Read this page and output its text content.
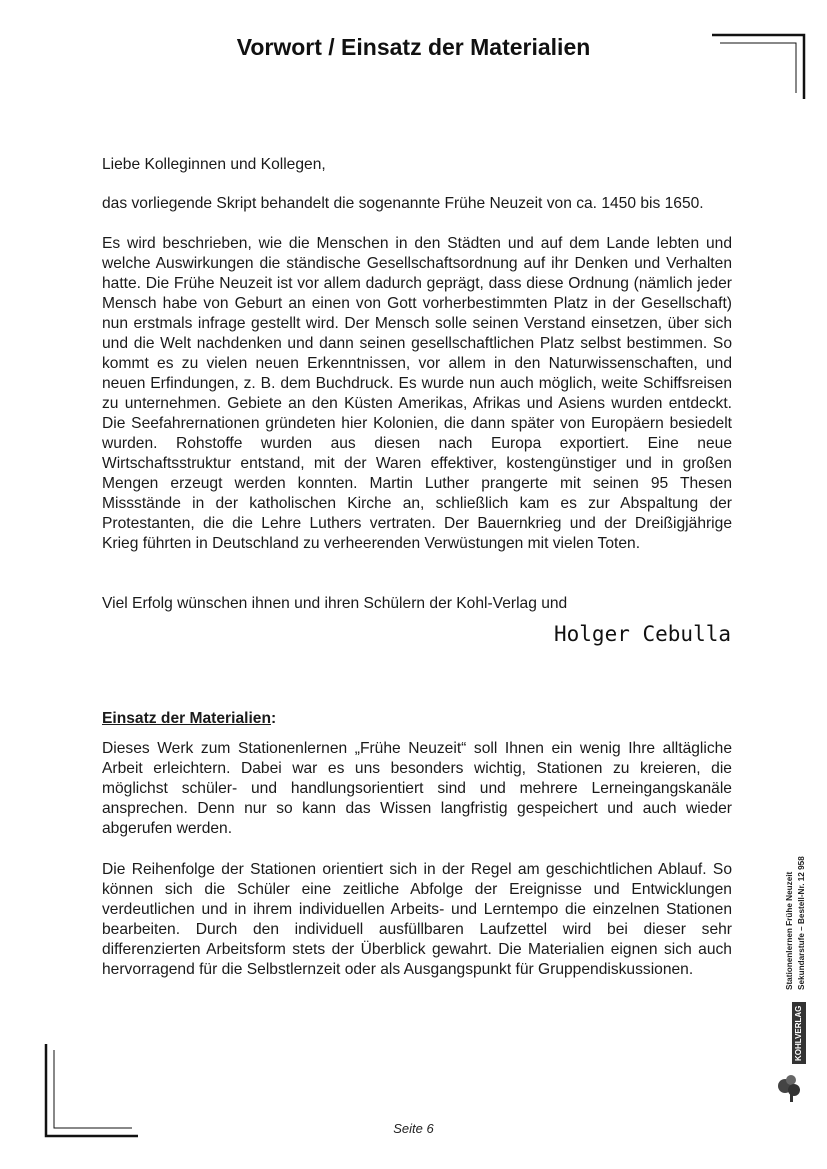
Vorwort / Einsatz der Materialien

Liebe Kolleginnen und Kollegen,

das vorliegende Skript behandelt die sogenannte Frühe Neuzeit von ca. 1450 bis 1650.

Es wird beschrieben, wie die Menschen in den Städten und auf dem Lande lebten und welche Auswirkungen die ständische Gesellschaftsordnung auf ihr Denken und Verhalten hatte. Die Frühe Neuzeit ist vor allem dadurch geprägt, dass diese Ordnung (nämlich jeder Mensch habe von Geburt an einen von Gott vorherbestimmten Platz in der Gesellschaft) nun erstmals infrage gestellt wird. Der Mensch solle seinen Verstand einsetzen, über sich und die Welt nachdenken und dann seinen gesellschaftlichen Platz selbst bestimmen. So kommt es zu vielen neuen Erkenntnissen, vor allem in den Naturwissenschaften, und neuen Erfindungen, z. B. dem Buchdruck. Es wurde nun auch möglich, weite Schiffsreisen zu unternehmen. Gebiete an den Küsten Amerikas, Afrikas und Asiens wurden entdeckt. Die Seefahrernationen gründeten hier Kolonien, die dann später von Europäern besiedelt wurden. Rohstoffe wurden aus diesen nach Europa exportiert. Eine neue Wirtschaftsstruktur entstand, mit der Waren effektiver, kostengünstiger und in großen Mengen erzeugt werden konnten. Martin Luther prangerte mit seinen 95 Thesen Missstände in der katholischen Kirche an, schließlich kam es zur Abspaltung der Protestanten, die die Lehre Luthers vertraten. Der Bauernkrieg und der Dreißigjährige Krieg führten in Deutschland zu verheerenden Verwüstungen mit vielen Toten.

Viel Erfolg wünschen ihnen und ihren Schülern der Kohl-Verlag und

Holger Cebulla
Einsatz der Materialien:

Dieses Werk zum Stationenlernen „Frühe Neuzeit“ soll Ihnen ein wenig Ihre alltägliche Arbeit erleichtern. Dabei war es uns besonders wichtig, Stationen zu kreieren, die möglichst schüler- und handlungsorientiert sind und mehrere Lerneingangskanäle ansprechen. Denn nur so kann das Wissen langfristig gespeichert und auch wieder abgerufen werden.

Die Reihenfolge der Stationen orientiert sich in der Regel am geschichtlichen Ablauf. So können sich die Schüler eine zeitliche Abfolge der Ereignisse und Entwicklungen verdeutlichen und in ihrem individuellen Arbeits- und Lerntempo die einzelnen Stationen bearbeiten. Durch den individuell ausfüllbaren Laufzettel wird bei dieser sehr differenzierten Arbeitsform stets der Überblick gewahrt. Die Materialien eignen sich auch hervorragend für die Selbstlernzeit oder als Ausgangspunkt für Gruppendiskussionen.	Stationenlernen Frühe Neuzeit Sekundarstufe – Bestell-Nr. 12 958
KOHLVERLAG
Seite 6
